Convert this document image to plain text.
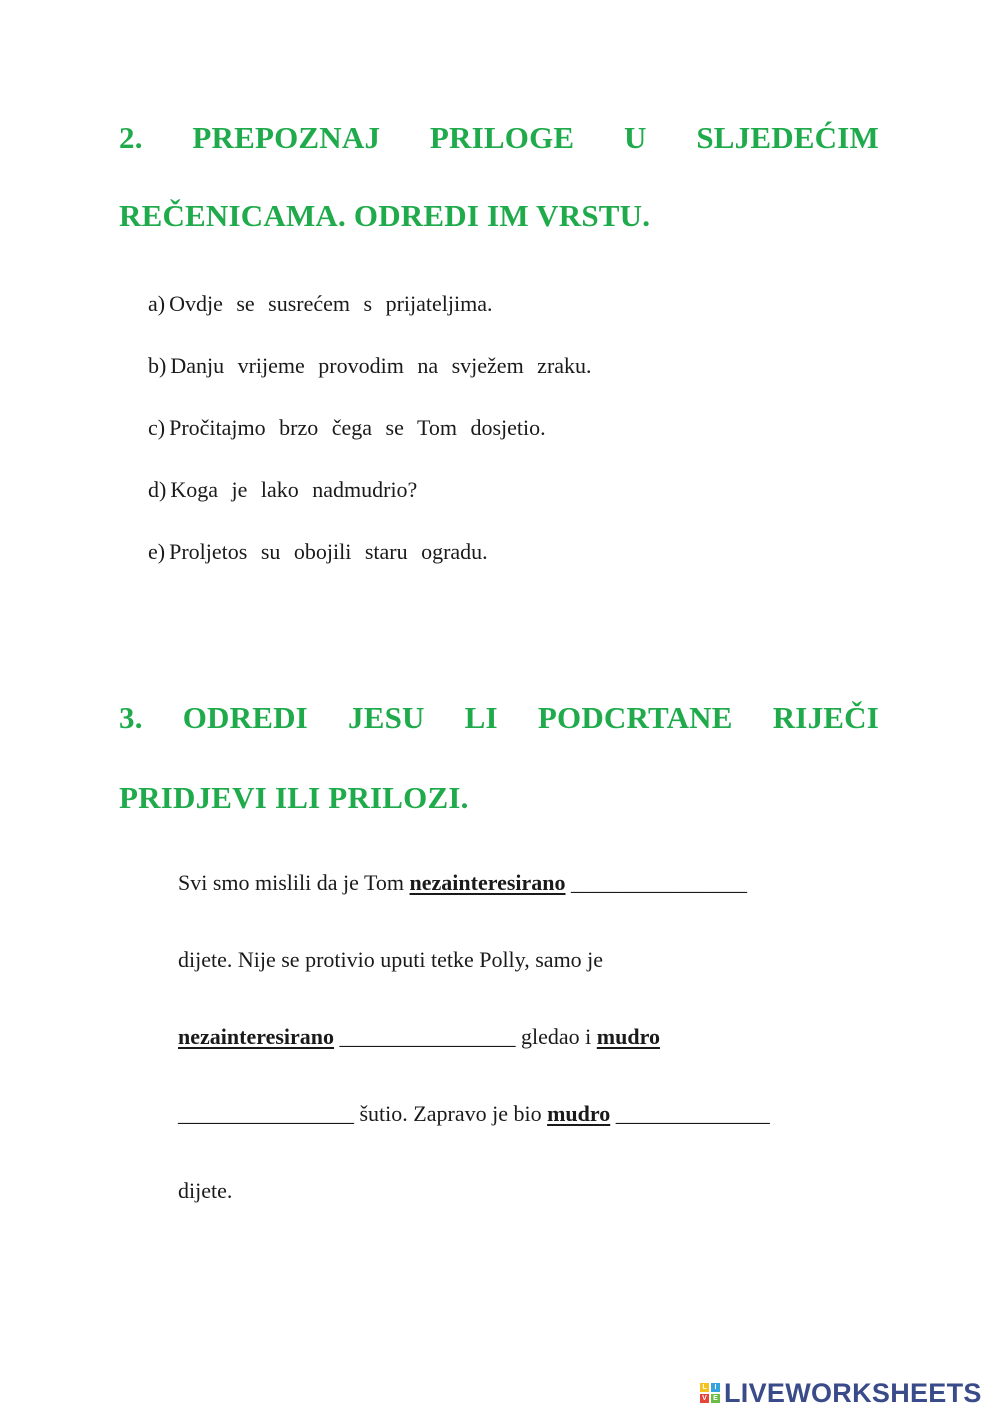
2. PREPOZNAJ PRILOGE U SLJEDEĆIM
REČENICAMA. ODREDI IM VRSTU.
a) Ovdje se susrećem s prijateljima.
b) Danju vrijeme provodim na svježem zraku.
c) Pročitajmo brzo čega se Tom dosjetio.
d) Koga je lako nadmudrio?
e) Proljetos su obojili staru ogradu.
3. ODREDI JESU LI PODCRTANE RIJEČI
PRIDJEVI ILI PRILOZI.
Svi smo mislili da je Tom nezainteresirano ________________
dijete. Nije se protivio uputi tetke Polly, samo je
nezainteresirano ________________ gledao i mudro
________________ šutio. Zapravo je bio mudro ______________
dijete.
L	I
V E LIVEWORKSHEETS
